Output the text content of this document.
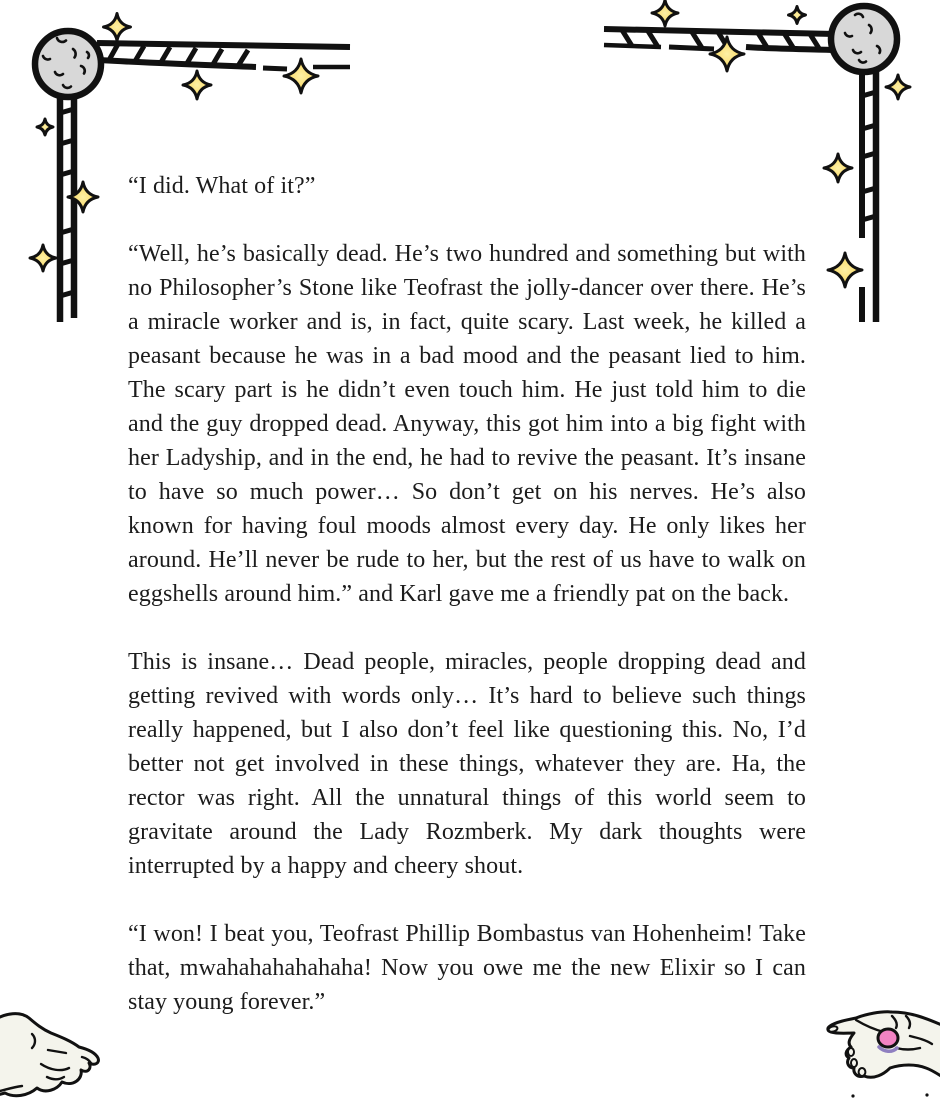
“I did. What of it?”

“Well, he’s basically dead. He’s two hundred and something but with no Philosopher’s Stone like Teofrast the jolly-dancer over there. He’s a miracle worker and is, in fact, quite scary. Last week, he killed a peasant because he was in a bad mood and the peasant lied to him. The scary part is he didn’t even touch him. He just told him to die and the guy dropped dead. Anyway, this got him into a big fight with her Ladyship, and in the end, he had to revive the peasant. It’s insane to have so much power… So don’t get on his nerves. He’s also known for having foul moods almost every day. He only likes her around. He’ll never be rude to her, but the rest of us have to walk on eggshells around him.” and Karl gave me a friendly pat on the back.

This is insane… Dead people, miracles, people dropping dead and getting revived with words only… It’s hard to believe such things really happened, but I also don’t feel like questioning this. No, I’d better not get involved in these things, whatever they are. Ha, the rector was right. All the unnatural things of this world seem to gravitate around the Lady Rozmberk. My dark thoughts were interrupted by a happy and cheery shout.

“I won! I beat you, Teofrast Phillip Bombastus van Hohenheim! Take that, mwahahahahahaha! Now you owe me the new Elixir so I can stay young forever.”
